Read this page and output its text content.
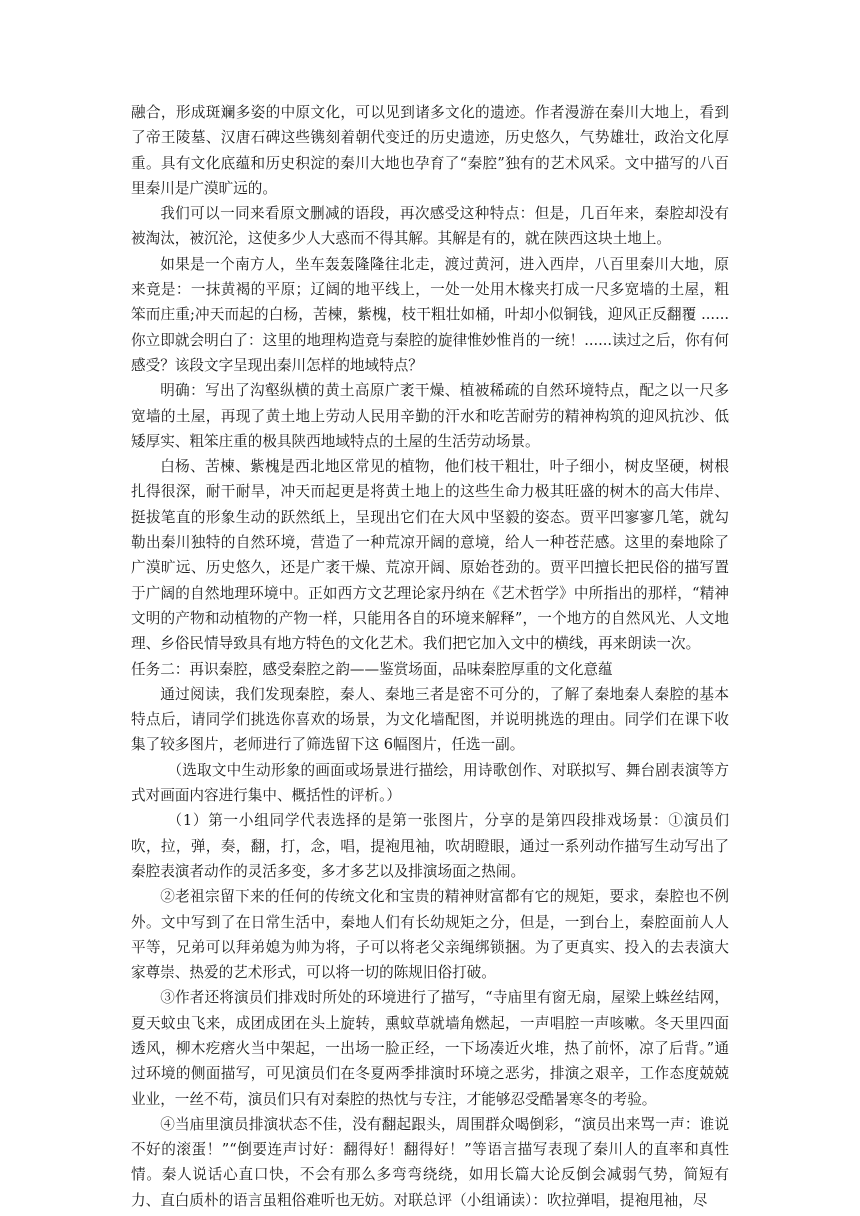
融合，形成斑斓多姿的中原文化，可以见到诸多文化的遗迹。作者漫游在秦川大地上，看到了帝王陵墓、汉唐石碑这些镌刻着朝代变迁的历史遗迹，历史悠久，气势雄壮，政治文化厚重。具有文化底蕴和历史积淀的秦川大地也孕育了“秦腔”独有的艺术风采。文中描写的八百里秦川是广漠旷远的。

我们可以一同来看原文删减的语段，再次感受这种特点：但是，几百年来，秦腔却没有被淘汰，被沉沦，这使多少人大惑而不得其解。其解是有的，就在陕西这块土地上。

如果是一个南方人，坐车轰轰隆隆往北走，渡过黄河，进入西岸，八百里秦川大地，原来竟是：一抹黄褐的平原；辽阔的地平线上，一处一处用木椽夹打成一尺多宽墙的土屋，粗笨而庄重;冲天而起的白杨，苦楝，紫槐，枝干粗壮如桶，叶却小似铜钱，迎风正反翻覆 ......你立即就会明白了：这里的地理构造竟与秦腔的旋律惟妙惟肖的一统！......读过之后，你有何感受？该段文字呈现出秦川怎样的地域特点？

明确：写出了沟壑纵横的黄土高原广袤干燥、植被稀疏的自然环境特点，配之以一尺多宽墙的土屋，再现了黄土地上劳动人民用辛勤的汗水和吃苦耐劳的精神构筑的迎风抗沙、低矮厚实、粗笨庄重的极具陕西地域特点的土屋的生活劳动场景。

白杨、苦楝、紫槐是西北地区常见的植物，他们枝干粗壮，叶子细小，树皮坚硬，树根扎得很深，耐干耐旱，冲天而起更是将黄土地上的这些生命力极其旺盛的树木的高大伟岸、挺拔笔直的形象生动的跃然纸上，呈现出它们在大风中坚毅的姿态。贾平凹寥寥几笔，就勾勒出秦川独特的自然环境，营造了一种荒凉开阔的意境，给人一种苍茫感。这里的秦地除了广漠旷远、历史悠久，还是广袤干燥、荒凉开阔、原始苍劲的。贾平凹擅长把民俗的描写置于广阔的自然地理环境中。正如西方文艺理论家丹纳在《艺术哲学》中所指出的那样，“精神文明的产物和动植物的产物一样，只能用各自的环境来解释”，一个地方的自然风光、人文地理、乡俗民情导致具有地方特色的文化艺术。我们把它加入文中的横线，再来朗读一次。

任务二：再识秦腔，感受秦腔之韵——鉴赏场面，品味秦腔厚重的文化意蕴

通过阅读，我们发现秦腔，秦人、秦地三者是密不可分的，了解了秦地秦人秦腔的基本特点后，请同学们挑选你喜欢的场景，为文化墙配图，并说明挑选的理由。同学们在课下收集了较多图片，老师进行了筛选留下这 6幅图片，任选一副。

（选取文中生动形象的画面或场景进行描绘，用诗歌创作、对联拟写、舞台剧表演等方式对画面内容进行集中、概括性的评析。）

（1）第一小组同学代表选择的是第一张图片，分享的是第四段排戏场景：①演员们吹，拉，弹，奏，翻，打，念，唱，提袍甩袖，吹胡瞪眼，通过一系列动作描写生动写出了秦腔表演者动作的灵活多变，多才多艺以及排演场面之热闹。

②老祖宗留下来的任何的传统文化和宝贵的精神财富都有它的规矩，要求，秦腔也不例外。文中写到了在日常生活中，秦地人们有长幼规矩之分，但是，一到台上，秦腔面前人人平等，兄弟可以拜弟媳为帅为将，子可以将老父亲绳绑锁捆。为了更真实、投入的去表演大家尊崇、热爱的艺术形式，可以将一切的陈规旧俗打破。

③作者还将演员们排戏时所处的环境进行了描写，“寺庙里有窗无扇，屋梁上蛛丝结网，夏天蚊虫飞来，成团成团在头上旋转，熏蚊草就墙角燃起，一声唱腔一声咳嗽。冬天里四面透风，柳木疙瘩火当中架起，一出场一脸正经，一下场凑近火堆，热了前怀，凉了后背。”通过环境的侧面描写，可见演员们在冬夏两季排演时环境之恶劣，排演之艰辛，工作态度兢兢业业，一丝不苟，演员们只有对秦腔的热忱与专注，才能够忍受酷暑寒冬的考验。

④当庙里演员排演状态不佳，没有翻起跟头，周围群众喝倒彩，“演员出来骂一声：谁说不好的滚蛋！”“倒要连声讨好：翻得好！翻得好！”等语言描写表现了秦川人的直率和真性情。秦人说话心直口快，不会有那么多弯弯绕绕，如用长篇大论反倒会减弱气势，简短有力、直白质朴的语言虽粗俗难听也无妨。对联总评（小组诵读）：吹拉弹唱，提袍甩袖，尽
